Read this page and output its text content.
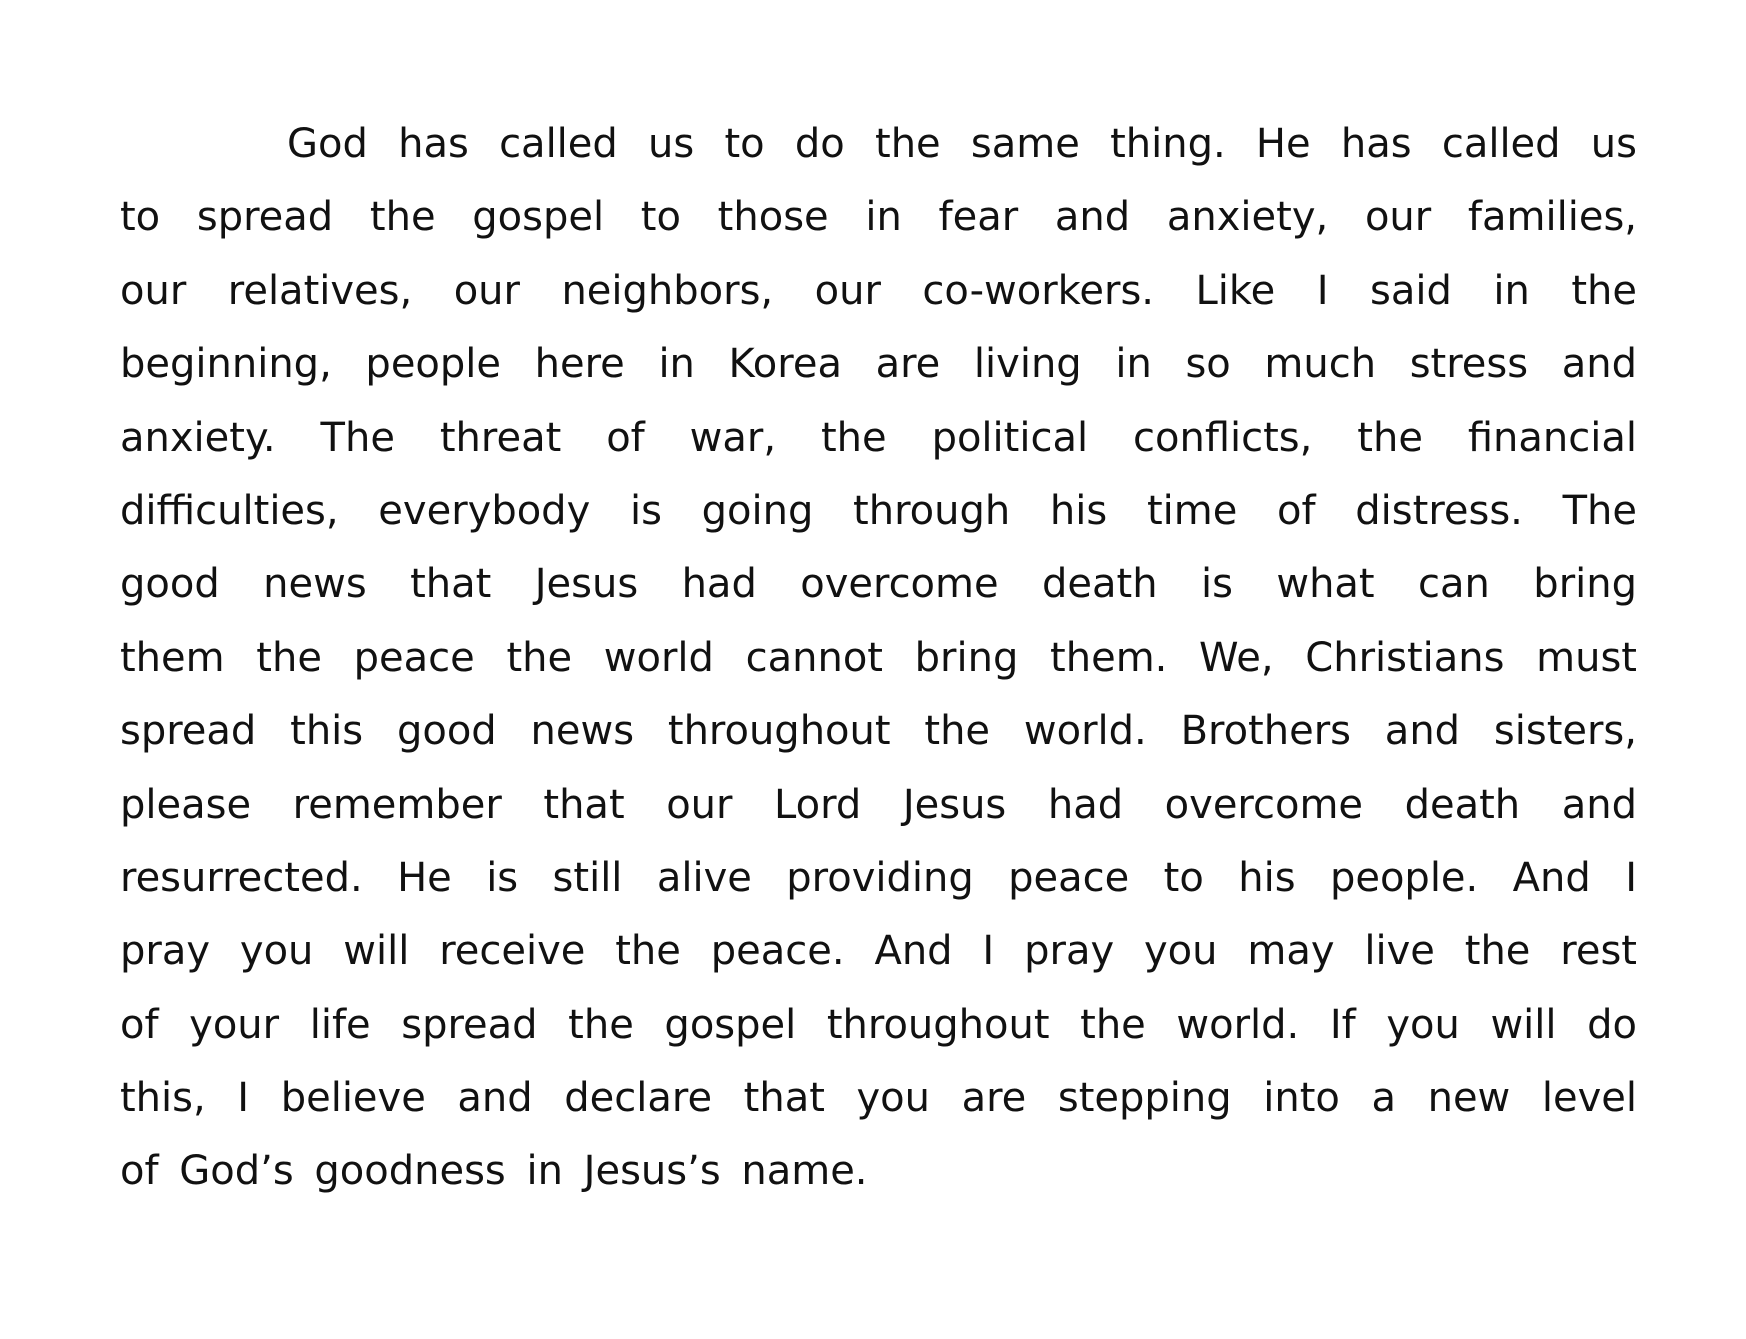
God has called us to do the same thing. He has called us
to spread the gospel to those in fear and anxiety, our families,
our relatives, our neighbors, our co-workers. Like I said in the
beginning, people here in Korea are living in so much stress and
anxiety. The threat of war, the political conflicts, the financial
difficulties, everybody is going through his time of distress. The
good news that Jesus had overcome death is what can bring
them the peace the world cannot bring them. We, Christians must
spread this good news throughout the world. Brothers and sisters,
please remember that our Lord Jesus had overcome death and
resurrected. He is still alive providing peace to his people. And I
pray you will receive the peace. And I pray you may live the rest
of your life spread the gospel throughout the world. If you will do
this, I believe and declare that you are stepping into a new level
of God’s goodness in Jesus’s name.
